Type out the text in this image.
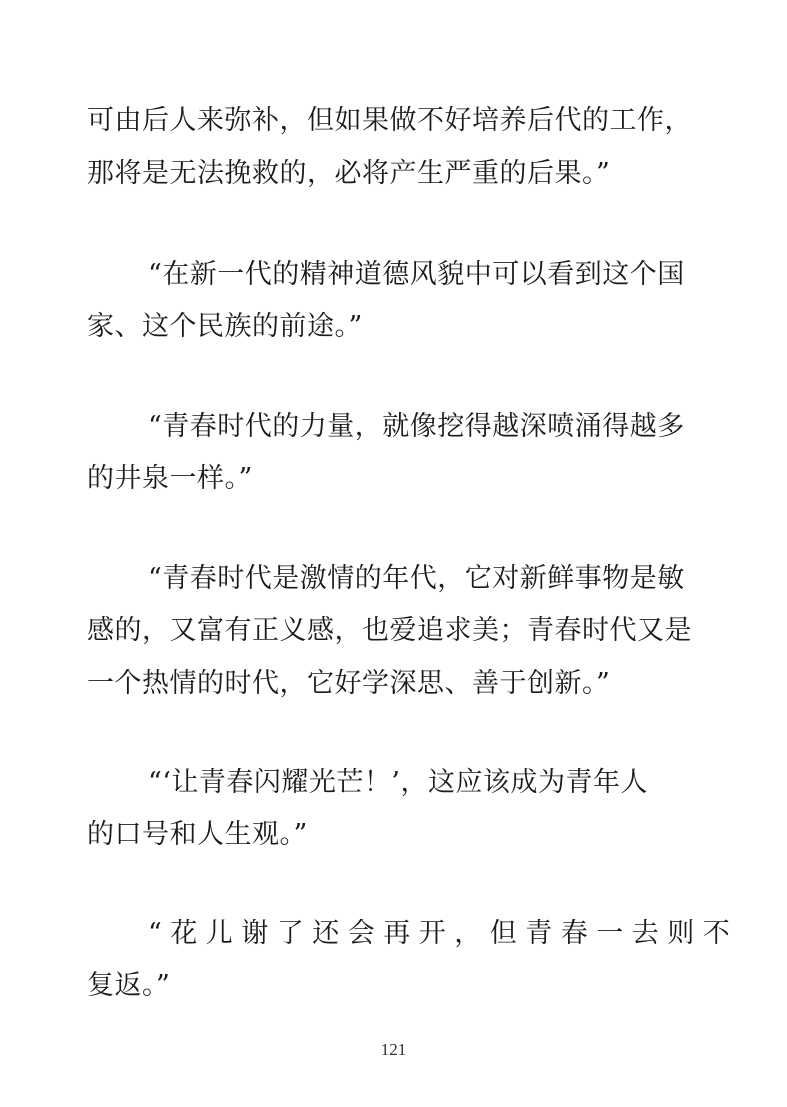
可由后人来弥补，但如果做不好培养后代的工作，
那将是无法挽救的，必将产生严重的后果。”
“在新一代的精神道德风貌中可以看到这个国
家、这个民族的前途。”
“青春时代的力量，就像挖得越深喷涌得越多
的井泉一样。”
“青春时代是激情的年代，它对新鲜事物是敏
感的，又富有正义感，也爱追求美；青春时代又是
一个热情的时代，它好学深思、善于创新。”
“‘让青春闪耀光芒！’，这应该成为青年人
的口号和人生观。”
“花儿谢了还会再开，但青春一去则不
复返。”
121
